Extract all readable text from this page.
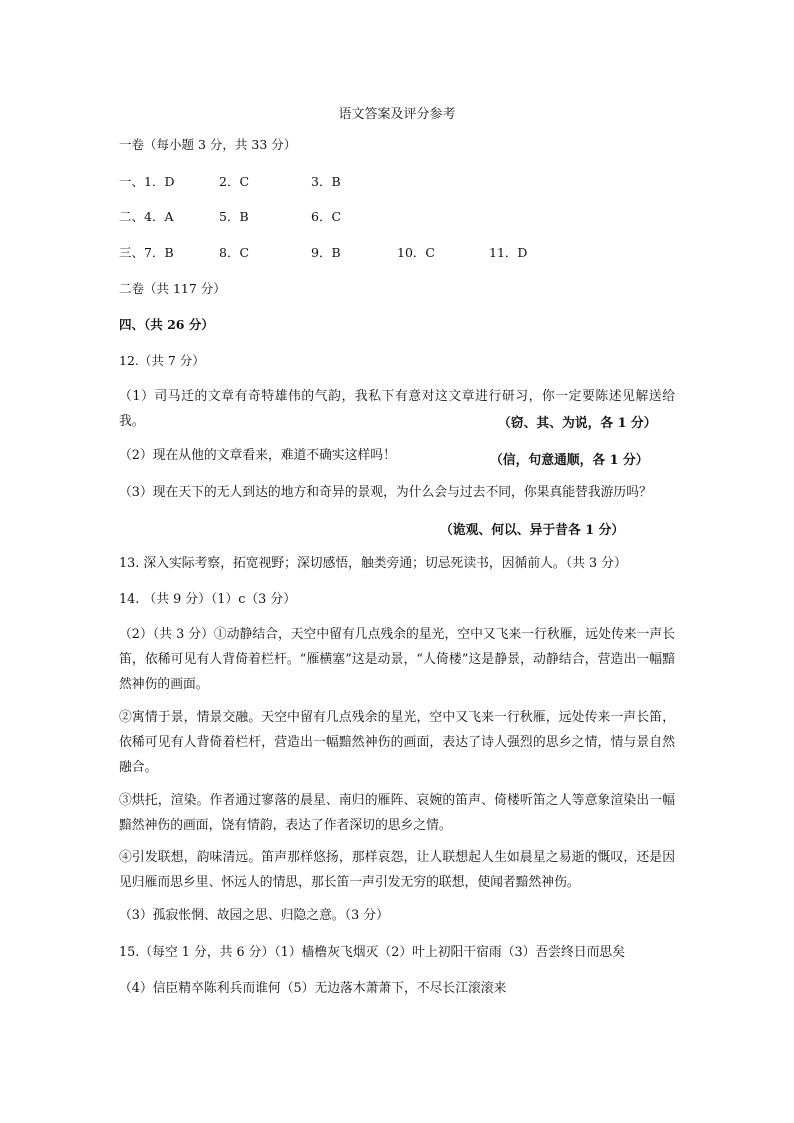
语文答案及评分参考
一卷（每小题 3 分，共 33 分）
一、1．D	2．C	3．B
二、4．A	5．B	6．C
三、7．B	8．C	9．B	10．C	11．D
二卷（共 117 分）
四、（共 26 分）
12.（共 7 分）
（1）司马迁的文章有奇特雄伟的气韵，我私下有意对这文章进行研习，你一定要陈述见解送给我。	（窃、其、为说，各 1 分）
（2）现在从他的文章看来，难道不确实这样吗！	（信，句意通顺，各 1 分）
（3）现在天下的无人到达的地方和奇异的景观，为什么会与过去不同，你果真能替我游历吗？
（诡观、何以、异于昔各 1 分）
13. 深入实际考察，拓宽视野；深切感悟，触类旁通；切忌死读书，因循前人。（共 3 分）
14. （共 9 分）（1）c（3 分）
（2）（共 3 分）①动静结合，天空中留有几点残余的星光，空中又飞来一行秋雁，远处传来一声长笛，依稀可见有人背倚着栏杆。“雁横塞”这是动景，“人倚楼”这是静景，动静结合，营造出一幅黯然神伤的画面。
②寓情于景，情景交融。天空中留有几点残余的星光，空中又飞来一行秋雁，远处传来一声长笛，依稀可见有人背倚着栏杆，营造出一幅黯然神伤的画面，表达了诗人强烈的思乡之情，情与景自然融合。
③烘托，渲染。作者通过寥落的晨星、南归的雁阵、哀婉的笛声、倚楼听笛之人等意象渲染出一幅黯然神伤的画面，饶有情韵，表达了作者深切的思乡之情。
④引发联想，韵味清远。笛声那样悠扬，那样哀怨，让人联想起人生如晨星之易逝的慨叹，还是因见归雁而思乡里、怀远人的情思，那长笛一声引发无穷的联想，使闻者黯然神伤。
（3）孤寂怅惘、故园之思、归隐之意。（3 分）
15.（每空 1 分，共 6 分）（1）樯橹灰飞烟灭（2）叶上初阳干宿雨（3）吾尝终日而思矣
（4）信臣精卒陈利兵而谁何（5）无边落木萧萧下，不尽长江滚滚来
